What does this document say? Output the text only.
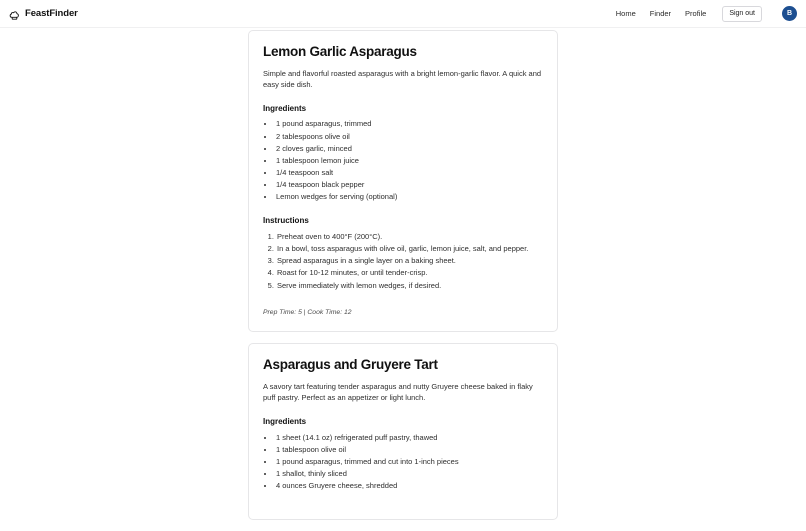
FeastFinder	Home Finder Profile	Sign out	B
Lemon Garlic Asparagus

Simple and flavorful roasted asparagus with a bright lemon-garlic flavor. A quick and easy side dish.

Ingredients
• 1 pound asparagus, trimmed
• 2 tablespoons olive oil
• 2 cloves garlic, minced
• 1 tablespoon lemon juice
• 1/4 teaspoon salt
• 1/4 teaspoon black pepper
• Lemon wedges for serving (optional)
Instructions
1. Preheat oven to 400°F (200°C).
2. In a bowl, toss asparagus with olive oil, garlic, lemon juice, salt, and pepper.
3. Spread asparagus in a single layer on a baking sheet.
4. Roast for 10-12 minutes, or until tender-crisp.
5. Serve immediately with lemon wedges, if desired.
Prep Time: 5 | Cook Time: 12
Asparagus and Gruyere Tart

A savory tart featuring tender asparagus and nutty Gruyere cheese baked in flaky puff pastry. Perfect as an appetizer or light lunch.

Ingredients
• 1 sheet (14.1 oz) refrigerated puff pastry, thawed
• 1 tablespoon olive oil
• 1 pound asparagus, trimmed and cut into 1-inch pieces
• 1 shallot, thinly sliced
• 4 ounces Gruyere cheese, shredded
